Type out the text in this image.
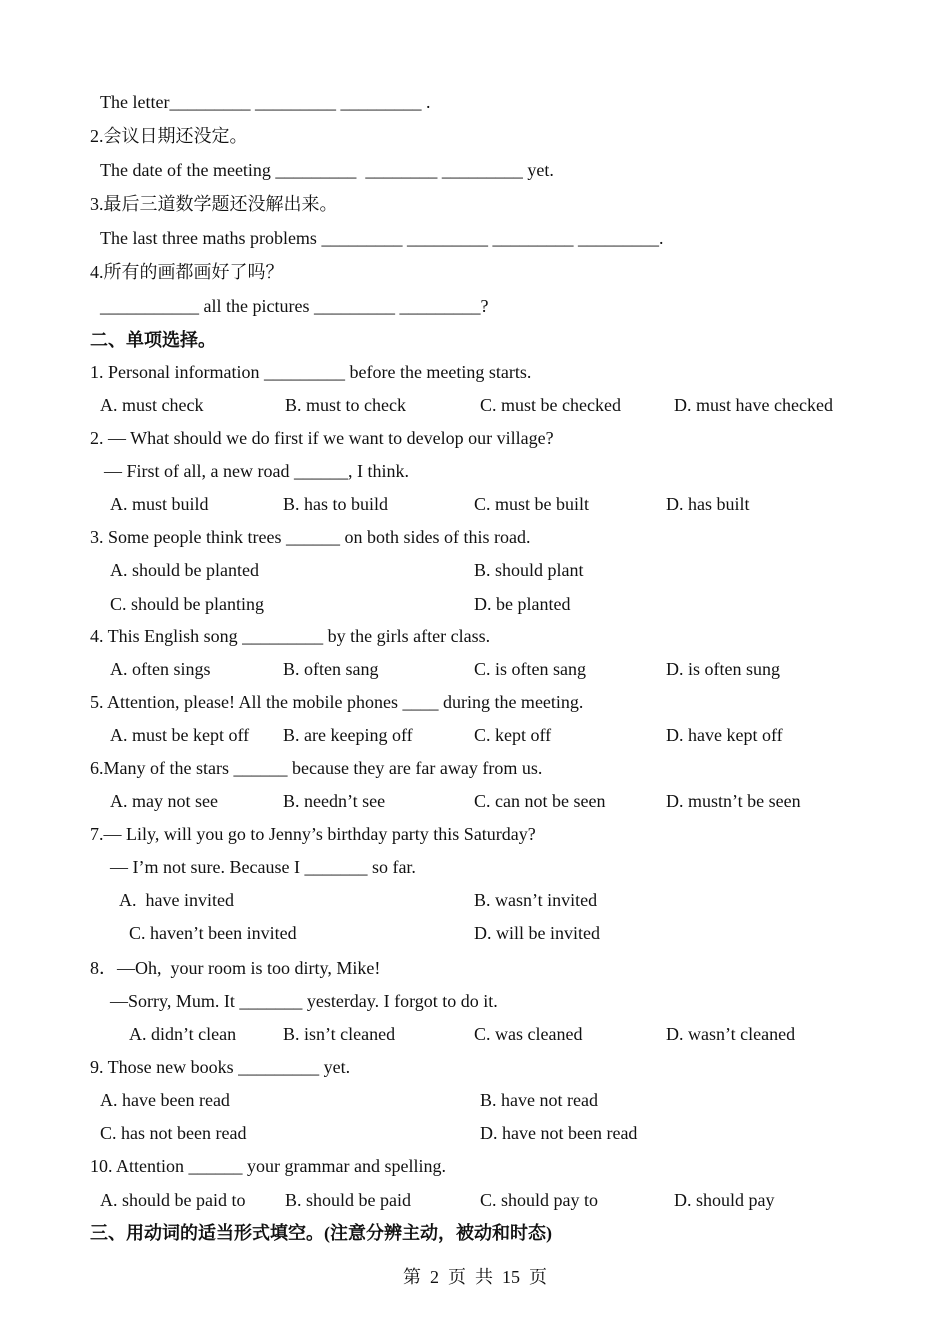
The letter_________ _________ _________ .
2.会议日期还没定。
The date of the meeting _________  ________ _________ yet.
3.最后三道数学题还没解出来。
The last three maths problems _________ _________ _________ _________.
4.所有的画都画好了吗？
___________ all the pictures _________ _________?
二、单项选择。
1. Personal information _________ before the meeting starts.
A. must check	B. must to check	C. must be checked	D. must have checked
2. — What should we do first if we want to develop our village?
— First of all, a new road ______, I think.
A. must build	B. has to build	C. must be built	D. has built
3. Some people think trees ______ on both sides of this road.
A. should be planted	B. should plant
C. should be planting	D. be planted
4. This English song _________ by the girls after class.
A. often sings	B. often sang	C. is often sang	D. is often sung
5. Attention, please! All the mobile phones ____ during the meeting.
A. must be kept off B. are keeping off	C. kept off	D. have kept off
6.Many of the stars ______ because they are far away from us.
A. may not see	B. needn’t see	C. can not be seen	D. mustn’t be seen
7.— Lily, will you go to Jenny’s birthday party this Saturday?
— I’m not sure. Because I _______ so far.
A.  have invited	B. wasn’t invited
C. haven’t been invited	D. will be invited
8．—Oh,  your room is too dirty, Mike!
—Sorry, Mum. It _______ yesterday. I forgot to do it.
A. didn’t clean	B. isn’t cleaned	C. was cleaned	D. wasn’t cleaned
9. Those new books _________ yet.
A. have been read	B. have not read
C. has not been read	D. have not been read
10. Attention ______ your grammar and spelling.
A. should be paid to B. should be paid	C. should pay to	D. should pay
三、用动词的适当形式填空。(注意分辨主动，被动和时态)
第  2  页  共  15  页
